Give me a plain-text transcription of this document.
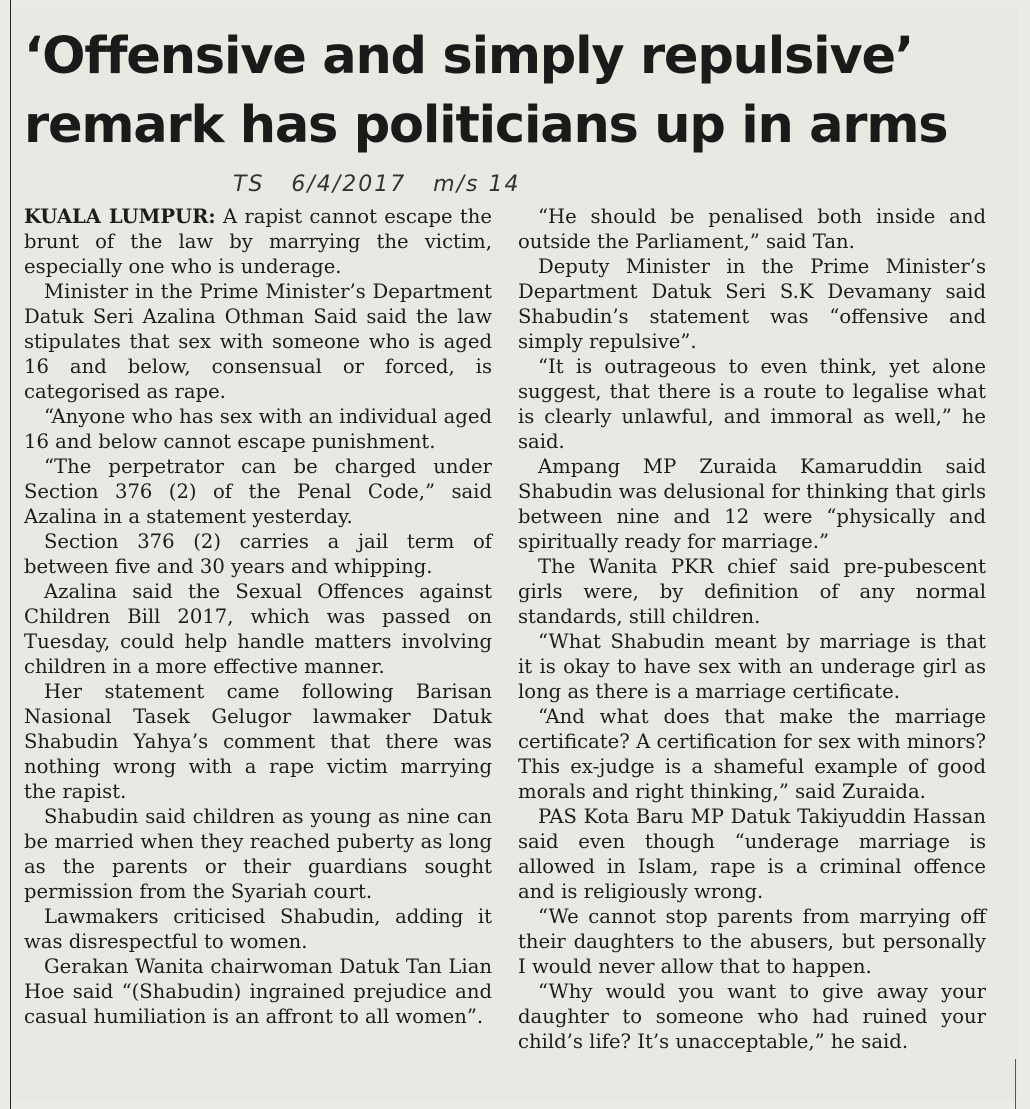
‘Offensive and simply repulsive’
remark has politicians up in arms
TS   6/4/2017   m/s 14

KUALA LUMPUR: A rapist cannot escape the brunt of the law by marrying the victim, especially one who is underage.

Minister in the Prime Minister’s Department Datuk Seri Azalina Othman Said said the law stipulates that sex with someone who is aged 16 and below, consensual or forced, is categorised as rape.

“Anyone who has sex with an individual aged 16 and below cannot escape punishment.

“The perpetrator can be charged under Section 376 (2) of the Penal Code,” said Azalina in a statement yesterday.

Section 376 (2) carries a jail term of between five and 30 years and whipping.

Azalina said the Sexual Offences against Children Bill 2017, which was passed on Tuesday, could help handle matters involving children in a more effective manner.

Her statement came following Barisan Nasional Tasek Gelugor lawmaker Datuk Shabudin Yahya’s comment that there was nothing wrong with a rape victim marrying the rapist.

Shabudin said children as young as nine can be married when they reached puberty as long as the parents or their guardians sought permission from the Syariah court.

Lawmakers criticised Shabudin, adding it was disrespectful to women.

Gerakan Wanita chairwoman Datuk Tan Lian Hoe said “(Shabudin) ingrained prejudice and casual humiliation is an affront to all women”.

“He should be penalised both inside and outside the Parliament,” said Tan.

Deputy Minister in the Prime Minister’s Department Datuk Seri S.K Devamany said Shabudin’s statement was “offensive and simply repulsive”.

“It is outrageous to even think, yet alone suggest, that there is a route to legalise what is clearly unlawful, and immoral as well,” he said.

Ampang MP Zuraida Kamaruddin said Shabudin was delusional for thinking that girls between nine and 12 were “physically and spiritually ready for marriage.”

The Wanita PKR chief said pre-pubescent girls were, by definition of any normal standards, still children.

“What Shabudin meant by marriage is that it is okay to have sex with an underage girl as long as there is a marriage certificate.

“And what does that make the marriage certificate? A certification for sex with minors? This ex-judge is a shameful example of good morals and right thinking,” said Zuraida.

PAS Kota Baru MP Datuk Takiyuddin Hassan said even though “underage marriage is allowed in Islam, rape is a criminal offence and is religiously wrong.

“We cannot stop parents from marrying off their daughters to the abusers, but personally I would never allow that to happen.

“Why would you want to give away your daughter to someone who had ruined your child’s life? It’s unacceptable,” he said.
